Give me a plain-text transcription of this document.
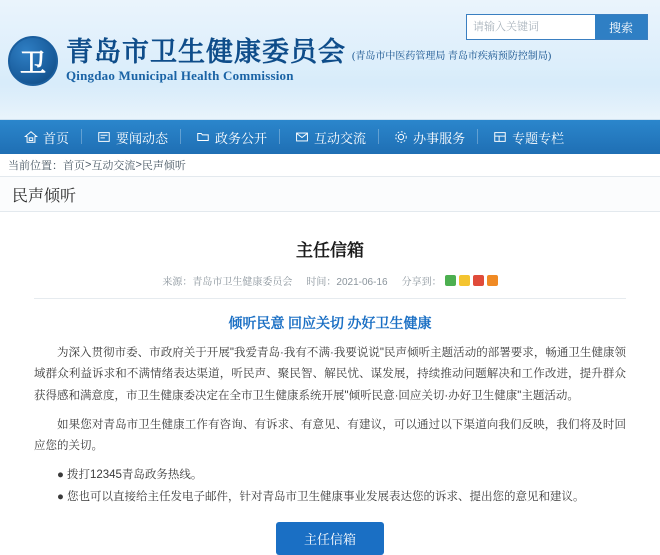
卫 青岛市卫生健康委员会 (青岛市中医药管理局 青岛市疾病预防控制局)
Qingdao Municipal Health Commission
请输入关键词
搜索
首页	要闻动态	政务公开	互动交流	办事服务	专题专栏
当前位置： 首页 > 互动交流 > 民声倾听
民声倾听
主任信箱
来源：青岛市卫生健康委员会 时间：2021-06-16 分享到：
倾听民意 回应关切 办好卫生健康

为深入贯彻市委、市政府关于开展"我爱青岛·我有不满·我要说说"民声倾听主题活动的部署要求，畅通卫生健康领域群众利益诉求和不满情绪表达渠道，听民声、聚民智、解民忧、谋发展，持续推动问题解决和工作改进，提升群众获得感和满意度，市卫生健康委决定在全市卫生健康系统开展"倾听民意·回应关切·办好卫生健康"主题活动。

如果您对青岛市卫生健康工作有咨询、有诉求、有意见、有建议，可以通过以下渠道向我们反映，我们将及时回应您的关切。

● 拨打12345青岛政务热线。

● 您也可以直接给主任发电子邮件，针对青岛市卫生健康事业发展表达您的诉求、提出您的意见和建议。

主任信箱
